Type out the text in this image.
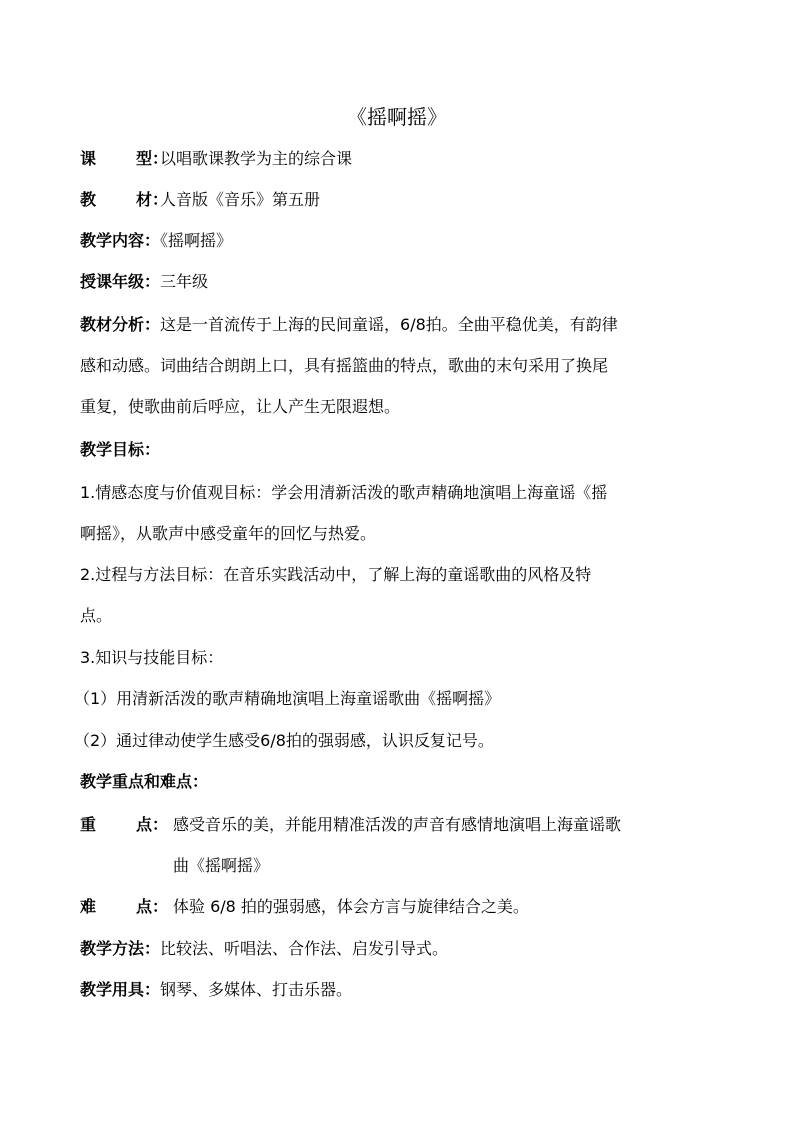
《摇啊摇》
课 型：以唱歌课教学为主的综合课
教 材：人音版《音乐》第五册
教学内容：《摇啊摇》
授课年级：三年级
教材分析：这是一首流传于上海的民间童谣，6/8拍。全曲平稳优美，有韵律
感和动感。词曲结合朗朗上口，具有摇篮曲的特点，歌曲的末句采用了换尾
重复，使歌曲前后呼应，让人产生无限遐想。
教学目标：
1.情感态度与价值观目标：学会用清新活泼的歌声精确地演唱上海童谣《摇
啊摇》，从歌声中感受童年的回忆与热爱。
2.过程与方法目标：在音乐实践活动中，了解上海的童谣歌曲的风格及特
点。
3.知识与技能目标：
（1）用清新活泼的歌声精确地演唱上海童谣歌曲《摇啊摇》
（2）通过律动使学生感受6/8拍的强弱感，认识反复记号。
教学重点和难点：
重 点： 感受音乐的美，并能用精准活泼的声音有感情地演唱上海童谣歌
曲《摇啊摇》
难 点： 体验 6/8 拍的强弱感，体会方言与旋律结合之美。
教学方法：比较法、听唱法、合作法、启发引导式。
教学用具：钢琴、多媒体、打击乐器。
